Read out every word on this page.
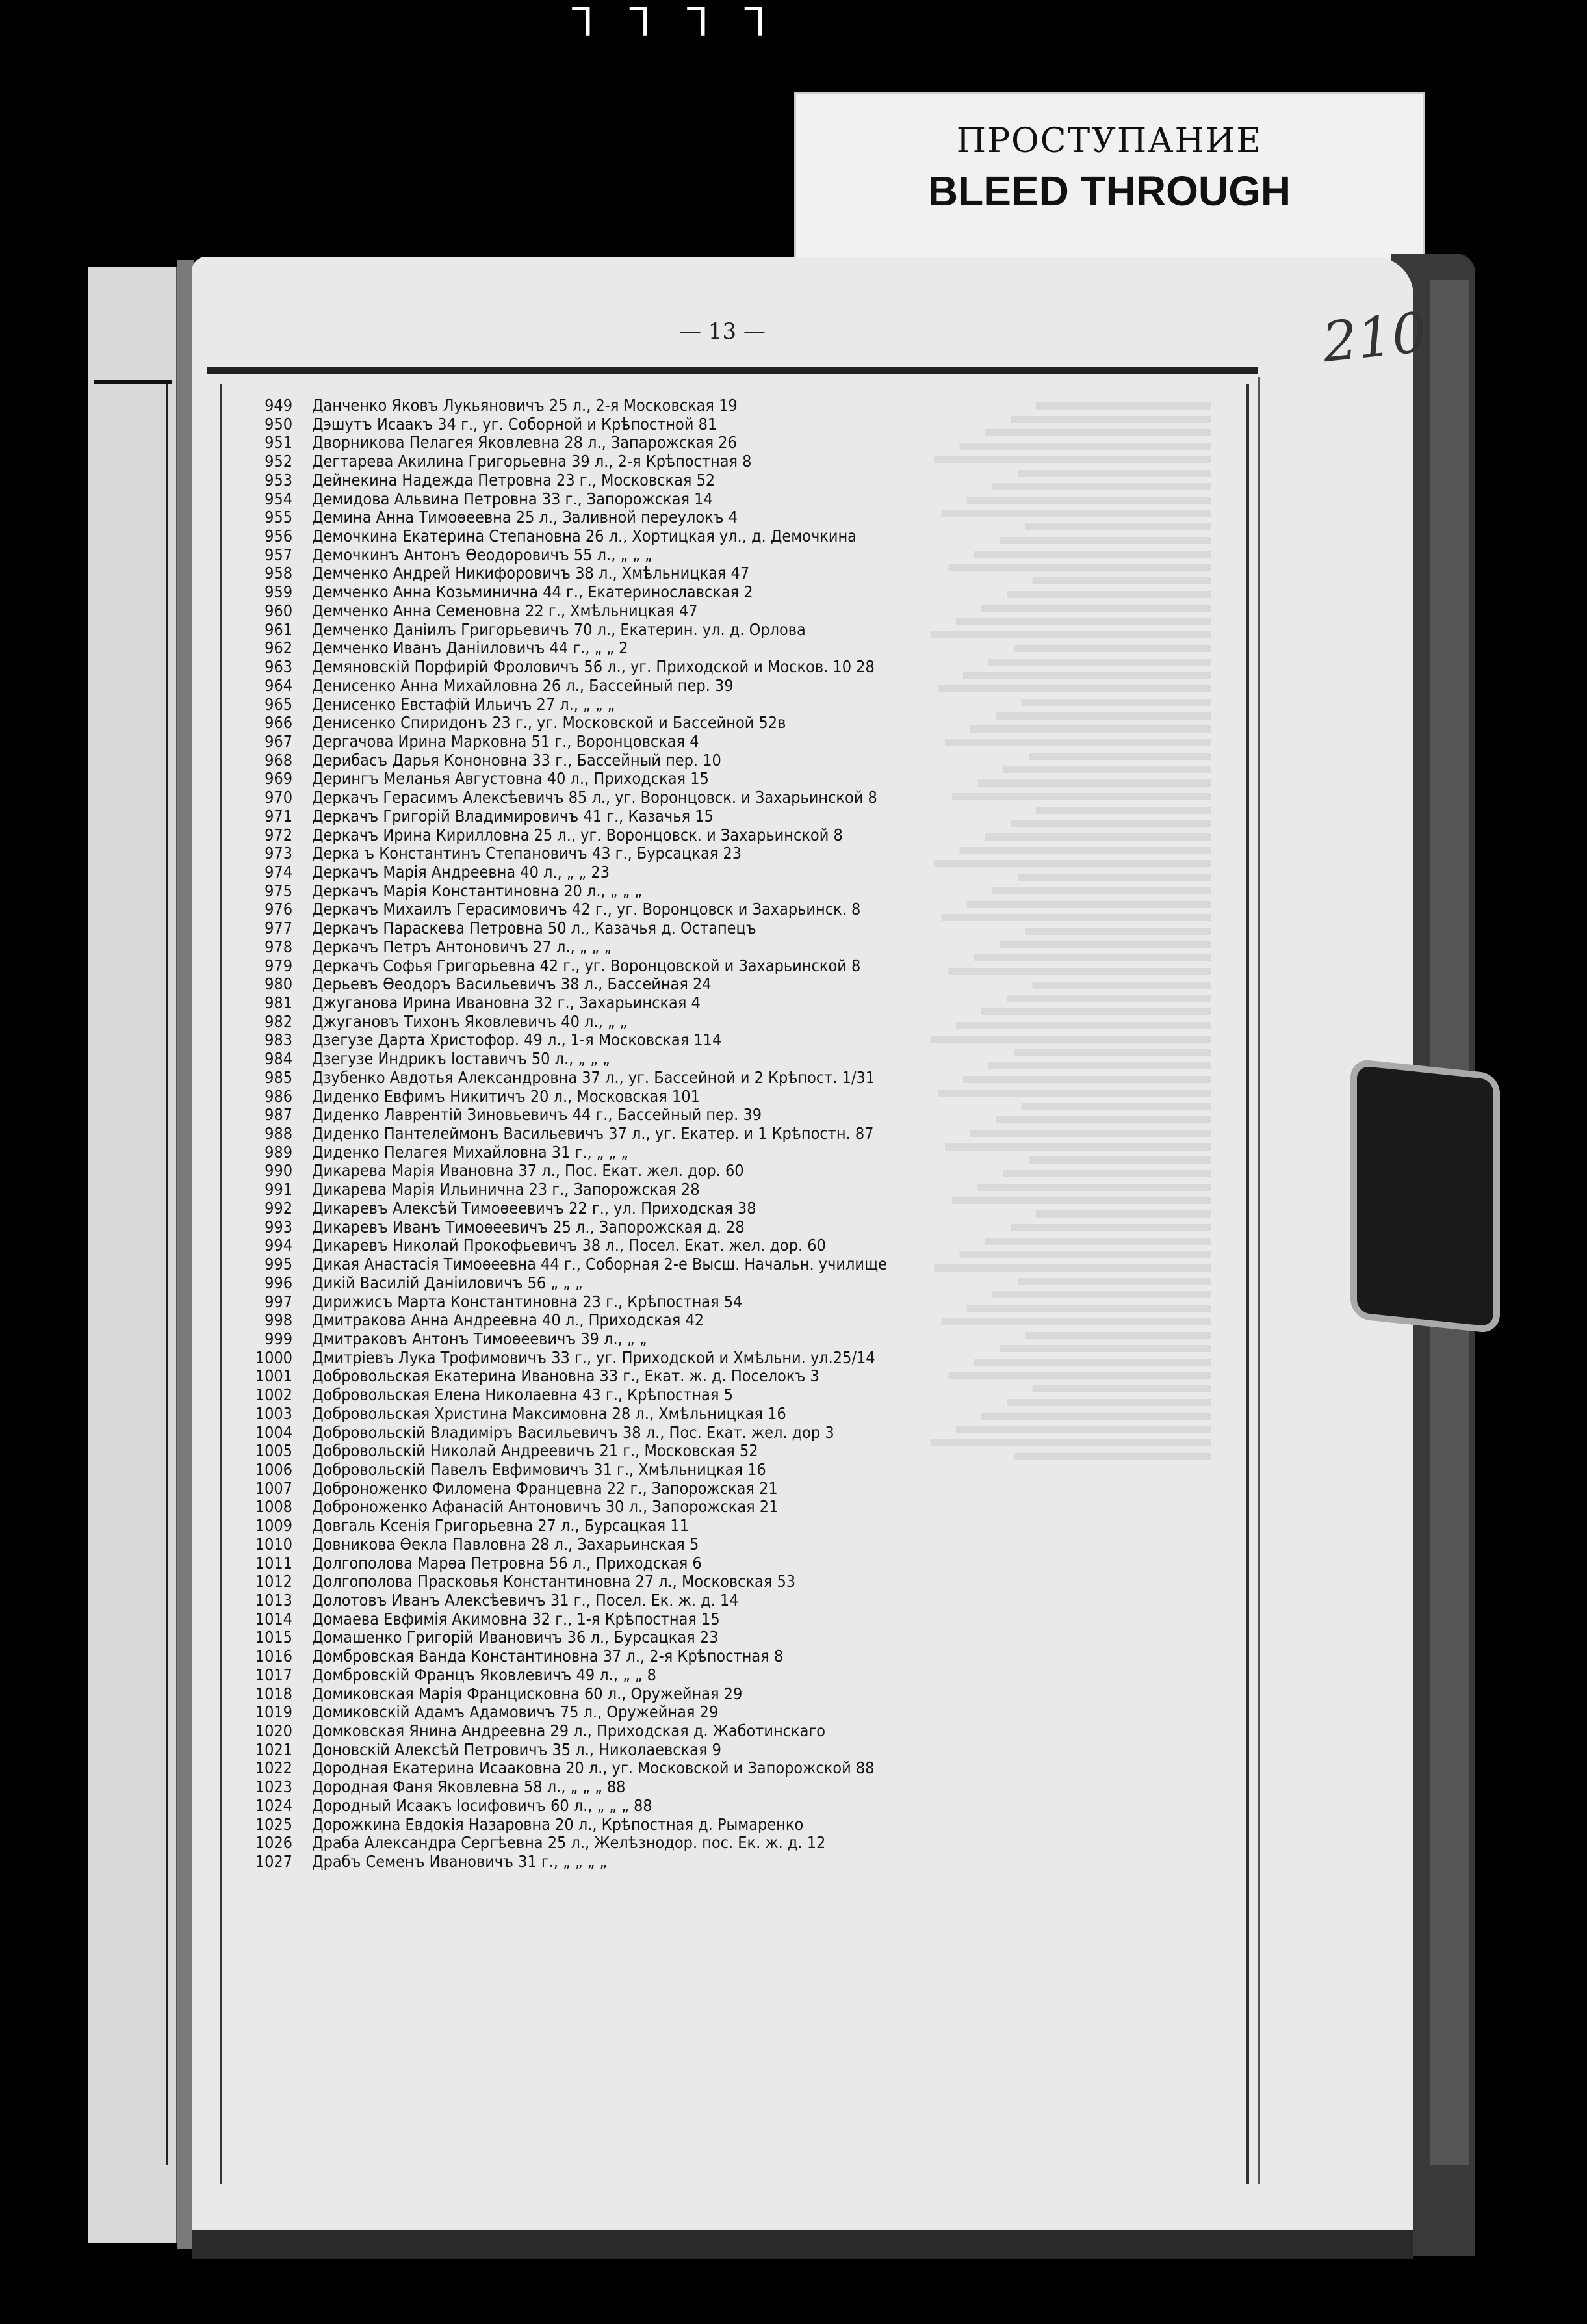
ꓶ ꓶ ꓶ ꓶ
ПРОСТУПАНИЕ
BLEED THROUGH
— 13 —	210
949 Данченко Яковъ Лукьяновичъ 25 л., 2-я Московская 19
950 Дэшутъ Исаакъ 34 г., уг. Соборной и Крѣпостной 81
951 Дворникова Пелагея Яковлевна 28 л., Запарожская 26
952 Дегтарева Акилина Григорьевна 39 л., 2-я Крѣпостная 8
953 Дейнекина Надежда Петровна 23 г., Московская 52
954 Демидова Альвина Петровна 33 г., Запорожская 14
955 Демина Анна Тимоѳеевна 25 л., Заливной переулокъ 4
956 Демочкина Екатерина Степановна 26 л., Хортицкая ул., д. Демочкина
957 Демочкинъ Антонъ Ѳеодоровичъ 55 л., „ „ „
958 Демченко Андрей Никифоровичъ 38 л., Хмѣльницкая 47
959 Демченко Анна Козьминична 44 г., Екатеринославская 2
960 Демченко Анна Семеновна 22 г., Хмѣльницкая 47
961 Демченко Даніилъ Григорьевичъ 70 л., Екатерин. ул. д. Орлова
962 Демченко Иванъ Даніиловичъ 44 г., „ „ 2
963 Демяновскій Порфирій Фроловичъ 56 л., уг. Приходской и Москов. 10 28
964 Денисенко Анна Михайловна 26 л., Бассейный пер. 39
965 Денисенко Евстафій Ильичъ 27 л., „ „ „
966 Денисенко Спиридонъ 23 г., уг. Московской и Бассейной 52в
967 Дергачова Ирина Марковна 51 г., Воронцовская 4
968 Дерибасъ Дарья Кононовна 33 г., Бассейный пер. 10
969 Дерингъ Меланья Августовна 40 л., Приходская 15
970 Деркачъ Герасимъ Алексѣевичъ 85 л., уг. Воронцовск. и Захарьинской 8
971 Деркачъ Григорій Владимировичъ 41 г., Казачья 15
972 Деркачъ Ирина Кирилловна 25 л., уг. Воронцовск. и Захарьинской 8
973 Дерка ъ Константинъ Степановичъ 43 г., Бурсацкая 23
974 Деркачъ Марія Андреевна 40 л., „ „ 23
975 Деркачъ Марія Константиновна 20 л., „ „ „
976 Деркачъ Михаилъ Герасимовичъ 42 г., уг. Воронцовск и Захарьинск. 8
977 Деркачъ Параскева Петровна 50 л., Казачья д. Остапецъ
978 Деркачъ Петръ Антоновичъ 27 л., „ „ „
979 Деркачъ Софья Григорьевна 42 г., уг. Воронцовской и Захарьинской 8
980 Дерьевъ Ѳеодоръ Васильевичъ 38 л., Бассейная 24
981 Джуганова Ирина Ивановна 32 г., Захарьинская 4
982 Джугановъ Тихонъ Яковлевичъ 40 л., „ „
983 Дзегузе Дарта Христофор. 49 л., 1-я Московская 114
984 Дзегузе Индрикъ Іоставичъ 50 л., „ „ „
985 Дзубенко Авдотья Александровна 37 л., уг. Бассейной и 2 Крѣпост. 1/31
986 Диденко Евфимъ Никитичъ 20 л., Московская 101
987 Диденко Лаврентій Зиновьевичъ 44 г., Бассейный пер. 39
988 Диденко Пантелеймонъ Васильевичъ 37 л., уг. Екатер. и 1 Крѣпостн. 87
989 Диденко Пелагея Михайловна 31 г., „ „ „
990 Дикарева Марія Ивановна 37 л., Пос. Екат. жел. дор. 60
991 Дикарева Марія Ильинична 23 г., Запорожская 28
992 Дикаревъ Алексѣй Тимоѳеевичъ 22 г., ул. Приходская 38
993 Дикаревъ Иванъ Тимоѳеевичъ 25 л., Запорожская д. 28
994 Дикаревъ Николай Прокофьевичъ 38 л., Посел. Екат. жел. дор. 60
995 Дикая Анастасія Тимоѳеевна 44 г., Соборная 2-е Высш. Начальн. училище
996 Дикій Василій Даніиловичъ 56 „ „ „
997 Дирижисъ Марта Константиновна 23 г., Крѣпостная 54
998 Дмитракова Анна Андреевна 40 л., Приходская 42
999 Дмитраковъ Антонъ Тимоѳеевичъ 39 л., „ „
1000 Дмитріевъ Лука Трофимовичъ 33 г., уг. Приходской и Хмѣльни. ул.25/14
1001 Добровольская Екатерина Ивановна 33 г., Екат. ж. д. Поселокъ 3
1002 Добровольская Елена Николаевна 43 г., Крѣпостная 5
1003 Добровольская Христина Максимовна 28 л., Хмѣльницкая 16
1004 Добровольскій Владиміръ Васильевичъ 38 л., Пос. Екат. жел. дор 3
1005 Добровольскій Николай Андреевичъ 21 г., Московская 52
1006 Добровольскій Павелъ Евфимовичъ 31 г., Хмѣльницкая 16
1007 Доброноженко Филомена Францевна 22 г., Запорожская 21
1008 Доброноженко Афанасій Антоновичъ 30 л., Запорожская 21
1009 Довгаль Ксенія Григорьевна 27 л., Бурсацкая 11
1010 Довникова Ѳекла Павловна 28 л., Захарьинская 5
1011 Долгополова Марѳа Петровна 56 л., Приходская 6
1012 Долгополова Прасковья Константиновна 27 л., Московская 53
1013 Долотовъ Иванъ Алексѣевичъ 31 г., Посел. Ек. ж. д. 14
1014 Домаева Евфимія Акимовна 32 г., 1-я Крѣпостная 15
1015 Домашенко Григорій Ивановичъ 36 л., Бурсацкая 23
1016 Домбровская Ванда Константиновна 37 л., 2-я Крѣпостная 8
1017 Домбровскій Францъ Яковлевичъ 49 л., „ „ 8
1018 Домиковская Марія Францисковна 60 л., Оружейная 29
1019 Домиковскій Адамъ Адамовичъ 75 л., Оружейная 29
1020 Домковская Янина Андреевна 29 л., Приходская д. Жаботинскаго
1021 Доновскій Алексѣй Петровичъ 35 л., Николаевская 9
1022 Дородная Екатерина Исааковна 20 л., уг. Московской и Запорожской 88
1023 Дородная Фаня Яковлевна 58 л., „ „ „ 88
1024 Дородный Исаакъ Іосифовичъ 60 л., „ „ „ 88
1025 Дорожкина Евдокія Назаровна 20 л., Крѣпостная д. Рымаренко
1026 Драба Александра Сергѣевна 25 л., Желѣзнодор. пос. Ек. ж. д. 12
1027 Драбъ Семенъ Ивановичъ 31 г., „ „ „ „
